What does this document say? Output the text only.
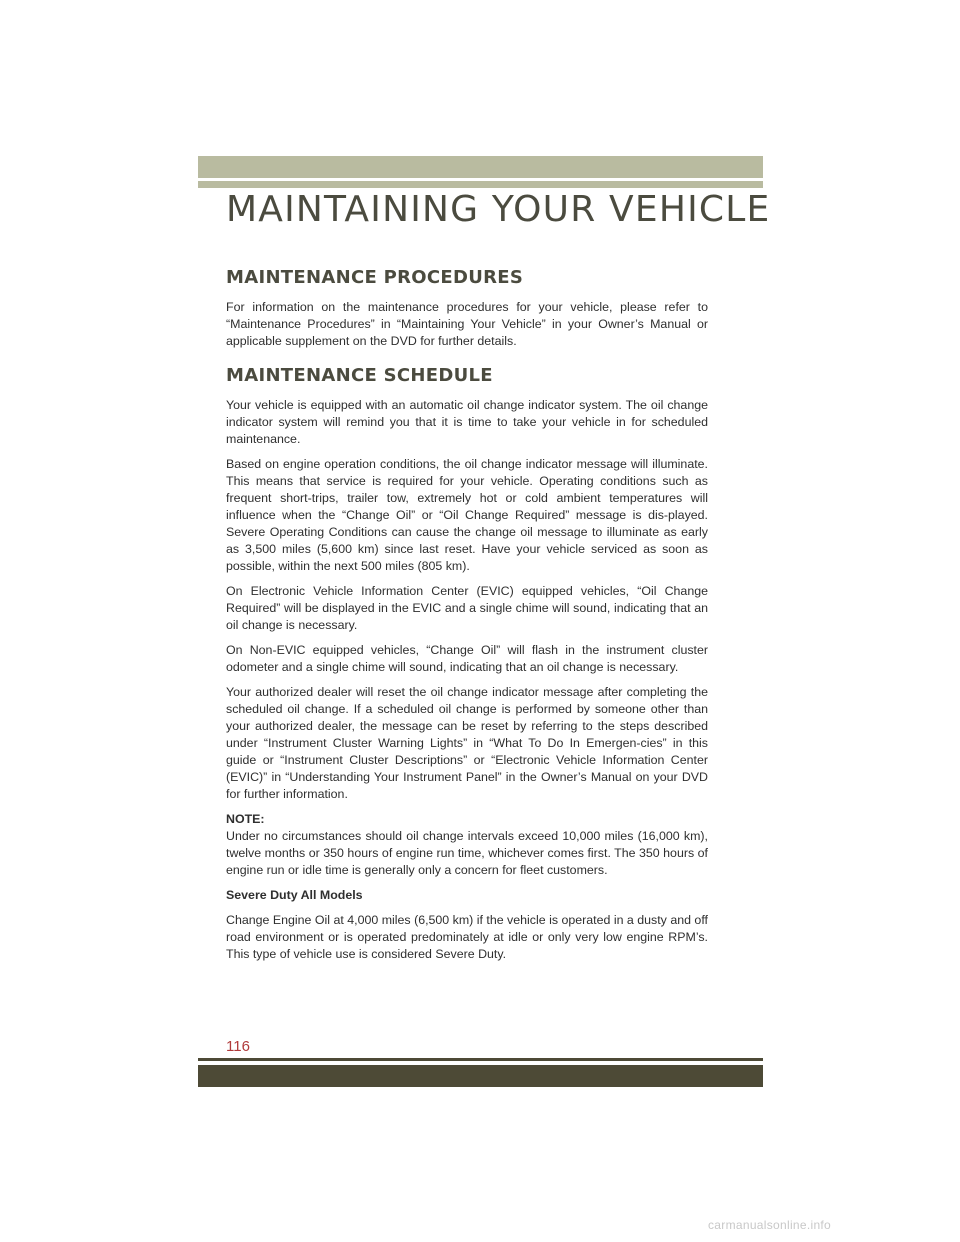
MAINTAINING YOUR VEHICLE
MAINTENANCE PROCEDURES

For information on the maintenance procedures for your vehicle, please refer to “Maintenance Procedures” in “Maintaining Your Vehicle” in your Owner’s Manual or applicable supplement on the DVD for further details.

MAINTENANCE SCHEDULE

Your vehicle is equipped with an automatic oil change indicator system. The oil change indicator system will remind you that it is time to take your vehicle in for scheduled maintenance.

Based on engine operation conditions, the oil change indicator message will illuminate. This means that service is required for your vehicle. Operating conditions such as frequent short-trips, trailer tow, extremely hot or cold ambient temperatures will influence when the “Change Oil” or “Oil Change Required” message is dis-played. Severe Operating Conditions can cause the change oil message to illuminate as early as 3,500 miles (5,600 km) since last reset. Have your vehicle serviced as soon as possible, within the next 500 miles (805 km).

On Electronic Vehicle Information Center (EVIC) equipped vehicles, “Oil Change Required” will be displayed in the EVIC and a single chime will sound, indicating that an oil change is necessary.

On Non-EVIC equipped vehicles, “Change Oil” will flash in the instrument cluster odometer and a single chime will sound, indicating that an oil change is necessary.

Your authorized dealer will reset the oil change indicator message after completing the scheduled oil change. If a scheduled oil change is performed by someone other than your authorized dealer, the message can be reset by referring to the steps described under “Instrument Cluster Warning Lights” in “What To Do In Emergen-cies” in this guide or “Instrument Cluster Descriptions” or “Electronic Vehicle Information Center (EVIC)” in “Understanding Your Instrument Panel” in the Owner’s Manual on your DVD for further information.

NOTE:

Under no circumstances should oil change intervals exceed 10,000 miles (16,000 km), twelve months or 350 hours of engine run time, whichever comes first. The 350 hours of engine run or idle time is generally only a concern for fleet customers.

Severe Duty All Models

Change Engine Oil at 4,000 miles (6,500 km) if the vehicle is operated in a dusty and off road environment or is operated predominately at idle or only very low engine RPM’s. This type of vehicle use is considered Severe Duty.

116
carmanualsonline.info
